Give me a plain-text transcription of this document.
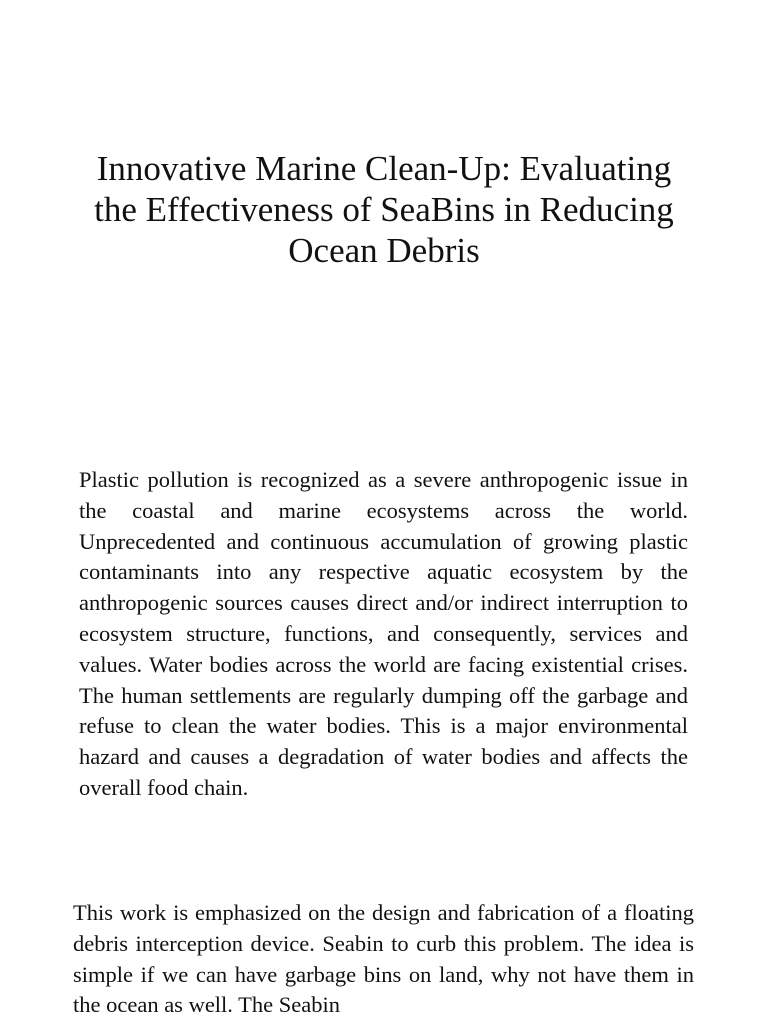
Innovative Marine Clean-Up: Evaluating the Effectiveness of SeaBins in Reducing Ocean Debris

Plastic pollution is recognized as a severe anthropogenic issue in the coastal and marine ecosystems across the world. Unprecedented and continuous accumulation of growing plastic contaminants into any respective aquatic ecosystem by the anthropogenic sources causes direct and/or indirect interruption to ecosystem structure, functions, and consequently, services and values. Water bodies across the world are facing existential crises. The human settlements are regularly dumping off the garbage and refuse to clean the water bodies. This is a major environmental hazard and causes a degradation of water bodies and affects the overall food chain.

This work is emphasized on the design and fabrication of a floating debris interception device. Seabin to curb this problem. The idea is simple if we can have garbage bins on land, why not have them in the ocean as well. The Seabin
